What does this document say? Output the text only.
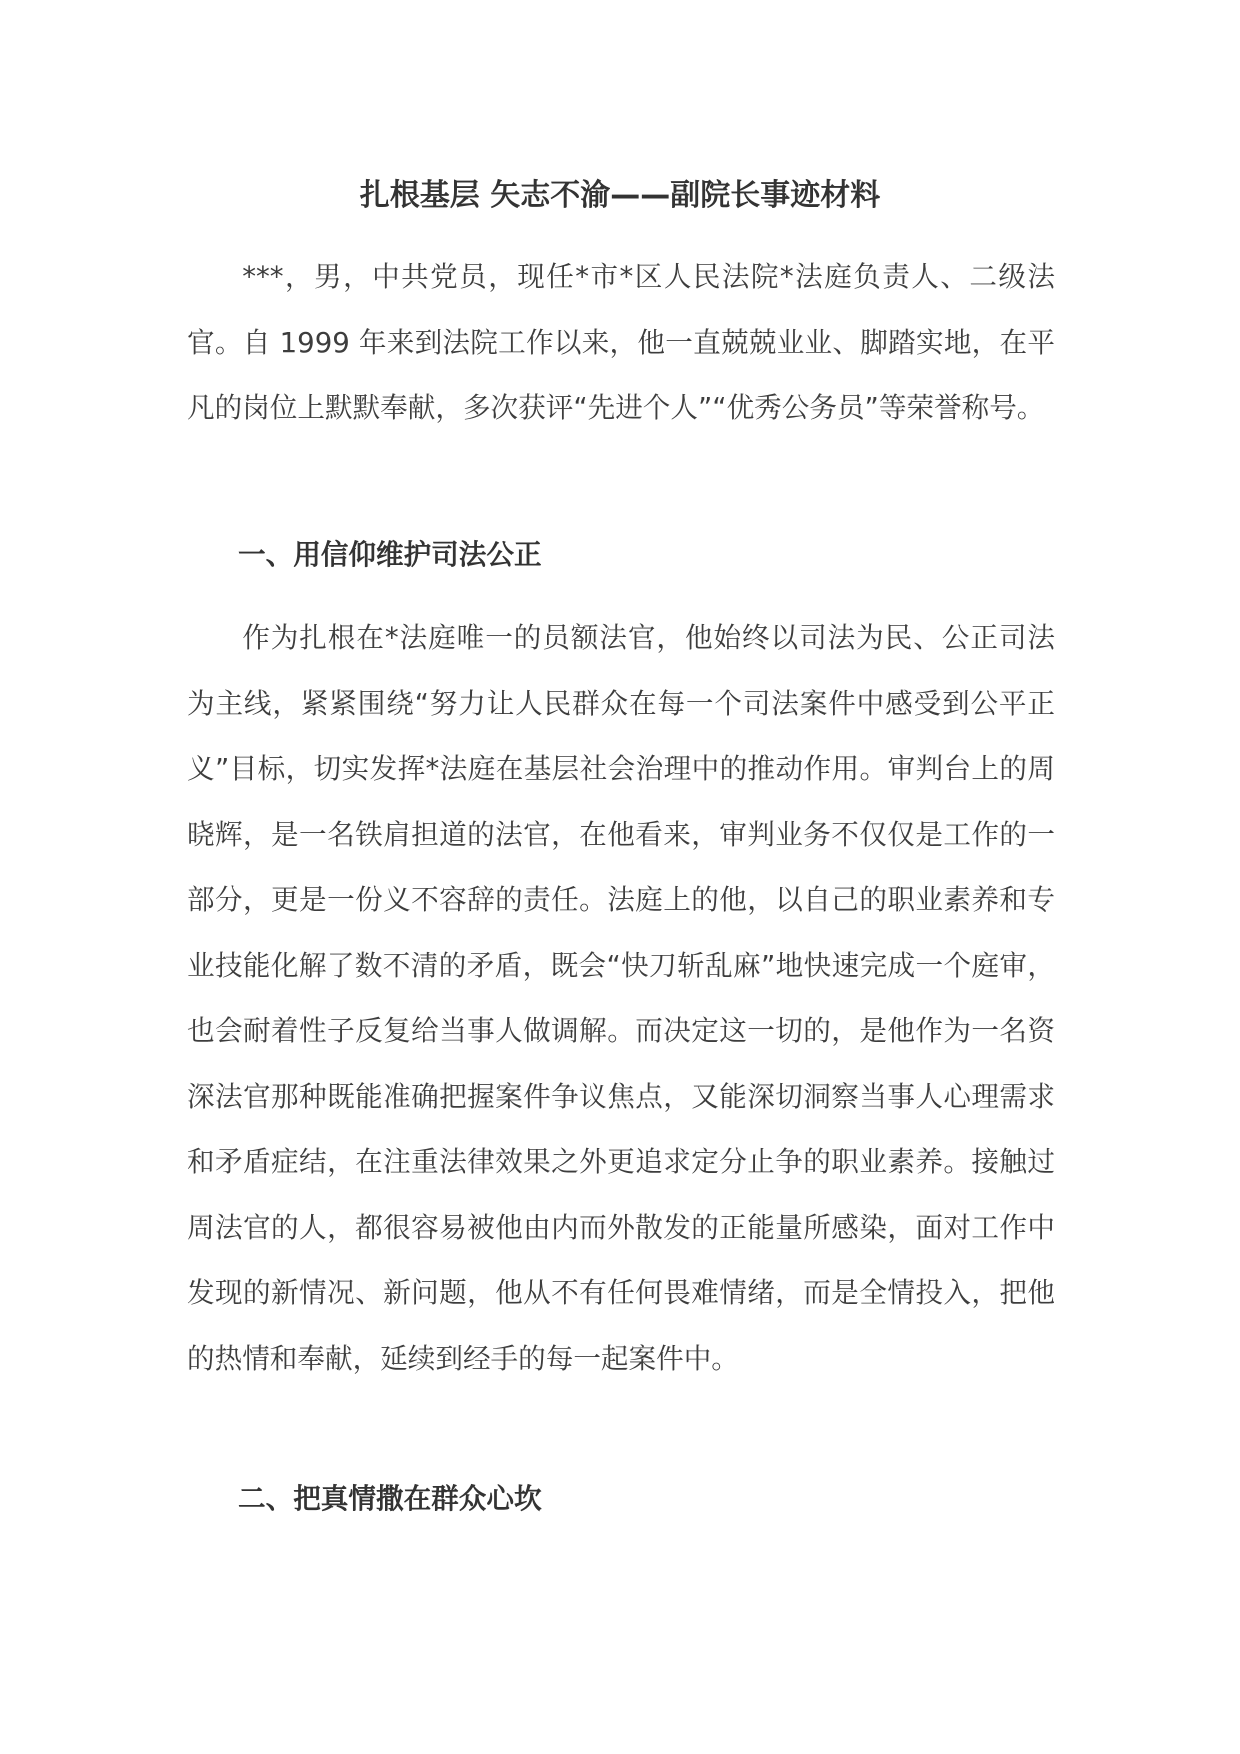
扎根基层 矢志不渝——副院长事迹材料
***，男，中共党员，现任*市*区人民法院*法庭负责人、二级法官。自 1999 年来到法院工作以来，他一直兢兢业业、脚踏实地，在平凡的岗位上默默奉献，多次获评“先进个人”“优秀公务员”等荣誉称号。
一、用信仰维护司法公正
作为扎根在*法庭唯一的员额法官，他始终以司法为民、公正司法为主线，紧紧围绕“努力让人民群众在每一个司法案件中感受到公平正义”目标，切实发挥*法庭在基层社会治理中的推动作用。审判台上的周晓辉，是一名铁肩担道的法官，在他看来，审判业务不仅仅是工作的一部分，更是一份义不容辞的责任。法庭上的他，以自己的职业素养和专业技能化解了数不清的矛盾，既会“快刀斩乱麻”地快速完成一个庭审，也会耐着性子反复给当事人做调解。而决定这一切的，是他作为一名资深法官那种既能准确把握案件争议焦点，又能深切洞察当事人心理需求和矛盾症结，在注重法律效果之外更追求定分止争的职业素养。接触过周法官的人，都很容易被他由内而外散发的正能量所感染，面对工作中发现的新情况、新问题，他从不有任何畏难情绪，而是全情投入，把他的热情和奉献，延续到经手的每一起案件中。
二、把真情撒在群众心坎
